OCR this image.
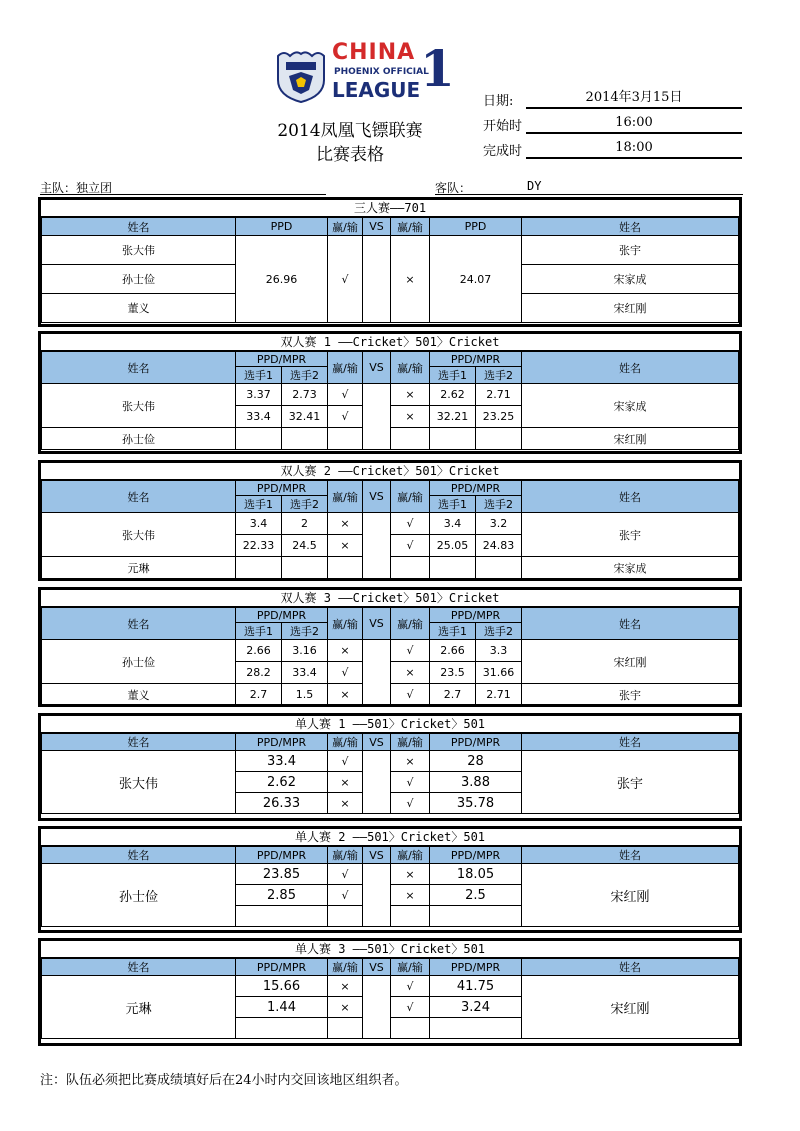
CHINA
PHOENIX OFFICIAL
LEAGUE 1
2014凤凰飞镖联赛
比赛表格
日期:	2014年3月15日
开始时	16:00
完成时	18:00
主队：独立团	客队：	DY
三人赛——701
姓名	PPD	赢/输	VS	赢/输	PPD	姓名
张大伟	26.96	√		×	24.07	张宇
孙士俭						宋家成
董义						宋红刚
双人赛 1 ——Cricket〉501〉Cricket
姓名	PPD/MPR		赢/输	VS	赢/输	PPD/MPR		姓名
	选手1	选手2				选手1	选手2	
张大伟	3.37	2.73	√		×	2.62	2.71	宋家成
	33.4	32.41	√		×	32.21	23.25	
孙士俭								宋红刚
双人赛 2 ——Cricket〉501〉Cricket
姓名	PPD/MPR		赢/输	VS	赢/输	PPD/MPR		姓名
	选手1	选手2				选手1	选手2	
张大伟	3.4	2	×		√	3.4	3.2	张宇
	22.33	24.5	×		√	25.05	24.83	
元琳								宋家成
双人赛 3 ——Cricket〉501〉Cricket
姓名	PPD/MPR		赢/输	VS	赢/输	PPD/MPR		姓名
	选手1	选手2				选手1	选手2	
孙士俭	2.66	3.16	×		√	2.66	3.3	宋红刚
	28.2	33.4	√		×	23.5	31.66	
董义	2.7	1.5	×		√	2.7	2.71	张宇
单人赛 1 ——501〉Cricket〉501
姓名	PPD/MPR	赢/输	VS	赢/输	PPD/MPR	姓名
张大伟	33.4	√		×	28	张宇
	2.62	×		√	3.88	
	26.33	×		√	35.78	
单人赛 2 ——501〉Cricket〉501
姓名	PPD/MPR	赢/输	VS	赢/输	PPD/MPR	姓名
孙士俭	23.85	√		×	18.05	宋红刚
	2.85	√		×	2.5	

单人赛 3 ——501〉Cricket〉501
姓名	PPD/MPR	赢/输	VS	赢/输	PPD/MPR	姓名
元琳	15.66	×		√	41.75	宋红刚
	1.44	×		√	3.24	

注：队伍必须把比赛成绩填好后在24小时内交回该地区组织者。
